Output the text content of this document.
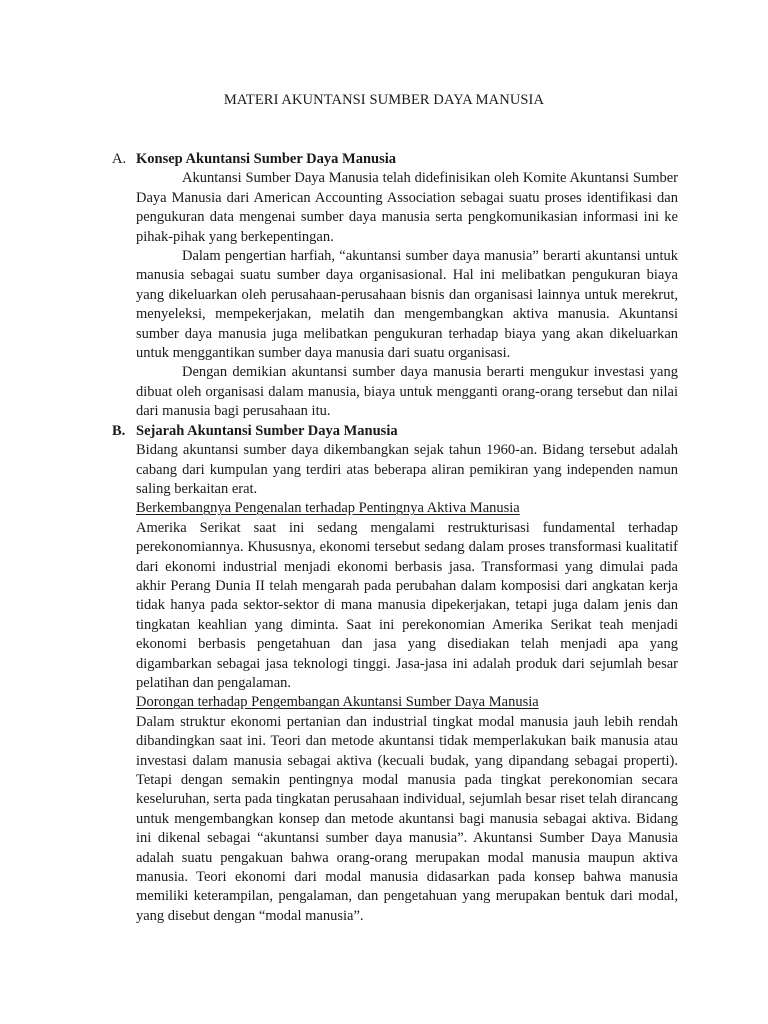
MATERI AKUNTANSI SUMBER DAYA MANUSIA
A. Konsep Akuntansi Sumber Daya Manusia

Akuntansi Sumber Daya Manusia telah didefinisikan oleh Komite Akuntansi Sumber Daya Manusia dari American Accounting Association sebagai suatu proses identifikasi dan pengukuran data mengenai sumber daya manusia serta pengkomunikasian informasi ini ke pihak-pihak yang berkepentingan.

Dalam pengertian harfiah, “akuntansi sumber daya manusia” berarti akuntansi untuk manusia sebagai suatu sumber daya organisasional. Hal ini melibatkan pengukuran biaya yang dikeluarkan oleh perusahaan-perusahaan bisnis dan organisasi lainnya untuk merekrut, menyeleksi, mempekerjakan, melatih dan mengembangkan aktiva manusia. Akuntansi sumber daya manusia juga melibatkan pengukuran terhadap biaya yang akan dikeluarkan untuk menggantikan sumber daya manusia dari suatu organisasi.

Dengan demikian akuntansi sumber daya manusia berarti mengukur investasi yang dibuat oleh organisasi dalam manusia, biaya untuk mengganti orang-orang tersebut dan nilai dari manusia bagi perusahaan itu.

B. Sejarah Akuntansi Sumber Daya Manusia

Bidang akuntansi sumber daya dikembangkan sejak tahun 1960-an. Bidang tersebut adalah cabang dari kumpulan yang terdiri atas beberapa aliran pemikiran yang independen namun saling berkaitan erat.

Berkembangnya Pengenalan terhadap Pentingnya Aktiva Manusia

Amerika Serikat saat ini sedang mengalami restrukturisasi fundamental terhadap perekonomiannya. Khususnya, ekonomi tersebut sedang dalam proses transformasi kualitatif dari ekonomi industrial menjadi ekonomi berbasis jasa. Transformasi yang dimulai pada akhir Perang Dunia II telah mengarah pada perubahan dalam komposisi dari angkatan kerja tidak hanya pada sektor-sektor di mana manusia dipekerjakan, tetapi juga dalam jenis dan tingkatan keahlian yang diminta. Saat ini perekonomian Amerika Serikat teah menjadi ekonomi berbasis pengetahuan dan jasa yang disediakan telah menjadi apa yang digambarkan sebagai jasa teknologi tinggi. Jasa-jasa ini adalah produk dari sejumlah besar pelatihan dan pengalaman.

Dorongan terhadap Pengembangan Akuntansi Sumber Daya Manusia

Dalam struktur ekonomi pertanian dan industrial tingkat modal manusia jauh lebih rendah dibandingkan saat ini. Teori dan metode akuntansi tidak memperlakukan baik manusia atau investasi dalam manusia sebagai aktiva (kecuali budak, yang dipandang sebagai properti). Tetapi dengan semakin pentingnya modal manusia pada tingkat perekonomian secara keseluruhan, serta pada tingkatan perusahaan individual, sejumlah besar riset telah dirancang untuk mengembangkan konsep dan metode akuntansi bagi manusia sebagai aktiva. Bidang ini dikenal sebagai “akuntansi sumber daya manusia”. Akuntansi Sumber Daya Manusia adalah suatu pengakuan bahwa orang-orang merupakan modal manusia maupun aktiva manusia. Teori ekonomi dari modal manusia didasarkan pada konsep bahwa manusia memiliki keterampilan, pengalaman, dan pengetahuan yang merupakan bentuk dari modal, yang disebut dengan “modal manusia”.
